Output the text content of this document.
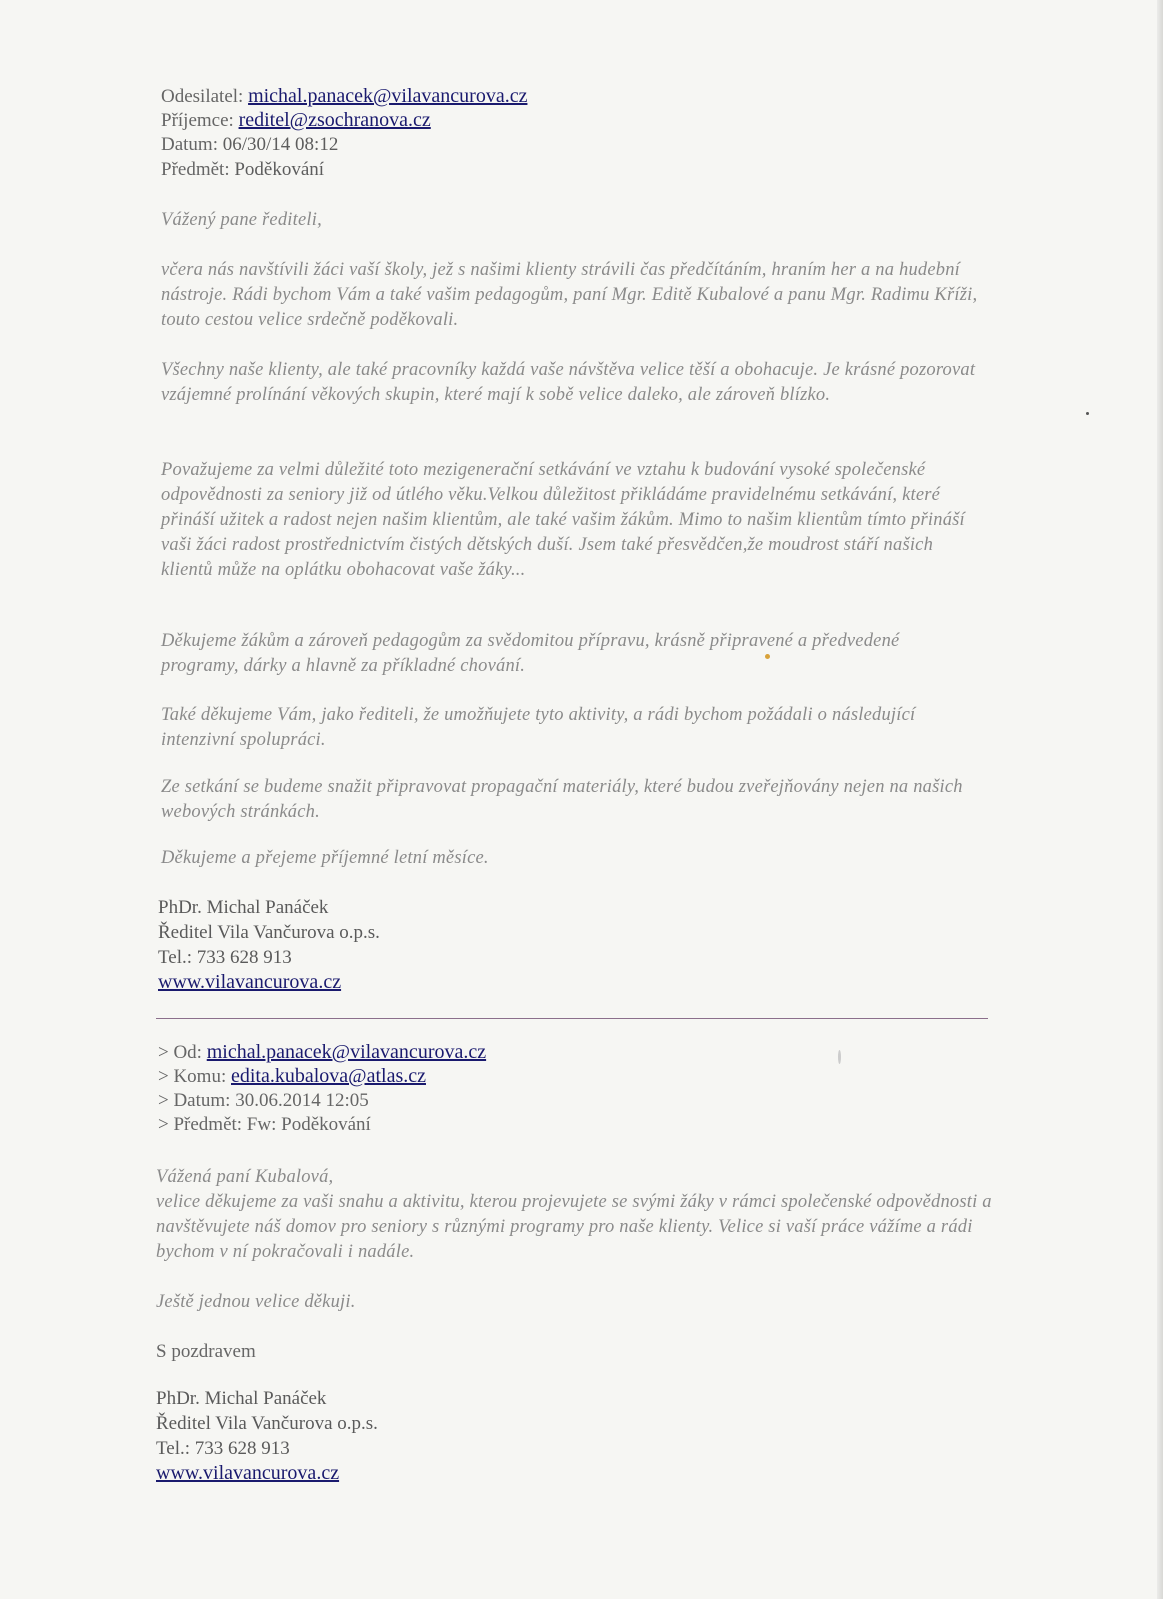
Odesilatel: michal.panacek@vilavancurova.cz
Příjemce: reditel@zsochranova.cz
Datum: 06/30/14 08:12
Předmět: Poděkování
Vážený pane řediteli,
včera nás navštívili žáci vaší školy, jež s našimi klienty strávili čas předčítáním, hraním her a na hudební nástroje. Rádi bychom Vám a také vašim pedagogům, paní Mgr. Editě Kubalové a panu Mgr. Radimu Kříži, touto cestou velice srdečně poděkovali.
Všechny naše klienty, ale také pracovníky každá vaše návštěva velice těší a obohacuje. Je krásné pozorovat vzájemné prolínání věkových skupin, které mají k sobě velice daleko, ale zároveň blízko.
Považujeme za velmi důležité toto mezigenerační setkávání ve vztahu k budování vysoké společenské odpovědnosti za seniory již od útlého věku.Velkou důležitost přikládáme pravidelnému setkávání, které přináší užitek a radost nejen našim klientům, ale také vašim žákům. Mimo to našim klientům tímto přináší vaši žáci radost prostřednictvím čistých dětských duší. Jsem také přesvědčen,že moudrost stáří našich klientů může na oplátku obohacovat vaše žáky...
Děkujeme žákům a zároveň pedagogům za svědomitou přípravu, krásně připravené a předvedené programy, dárky a hlavně za příkladné chování.
Také děkujeme Vám, jako řediteli, že umožňujete tyto aktivity, a rádi bychom požádali o následující intenzivní spolupráci.
Ze setkání se budeme snažit připravovat propagační materiály, které budou zveřejňovány nejen na našich webových stránkách.
Děkujeme a přejeme příjemné letní měsíce.
PhDr. Michal Panáček
Ředitel Vila Vančurova o.p.s.
Tel.: 733 628 913
www.vilavancurova.cz
> Od: michal.panacek@vilavancurova.cz
> Komu: edita.kubalova@atlas.cz
> Datum: 30.06.2014 12:05
> Předmět: Fw: Poděkování
Vážená paní Kubalová,
velice děkujeme za vaši snahu a aktivitu, kterou projevujete se svými žáky v rámci společenské odpovědnosti a navštěvujete náš domov pro seniory s různými programy pro naše klienty. Velice si vaší práce vážíme a rádi bychom v ní pokračovali i nadále.
Ještě jednou velice děkuji.
S pozdravem
PhDr. Michal Panáček
Ředitel Vila Vančurova o.p.s.
Tel.: 733 628 913
www.vilavancurova.cz
